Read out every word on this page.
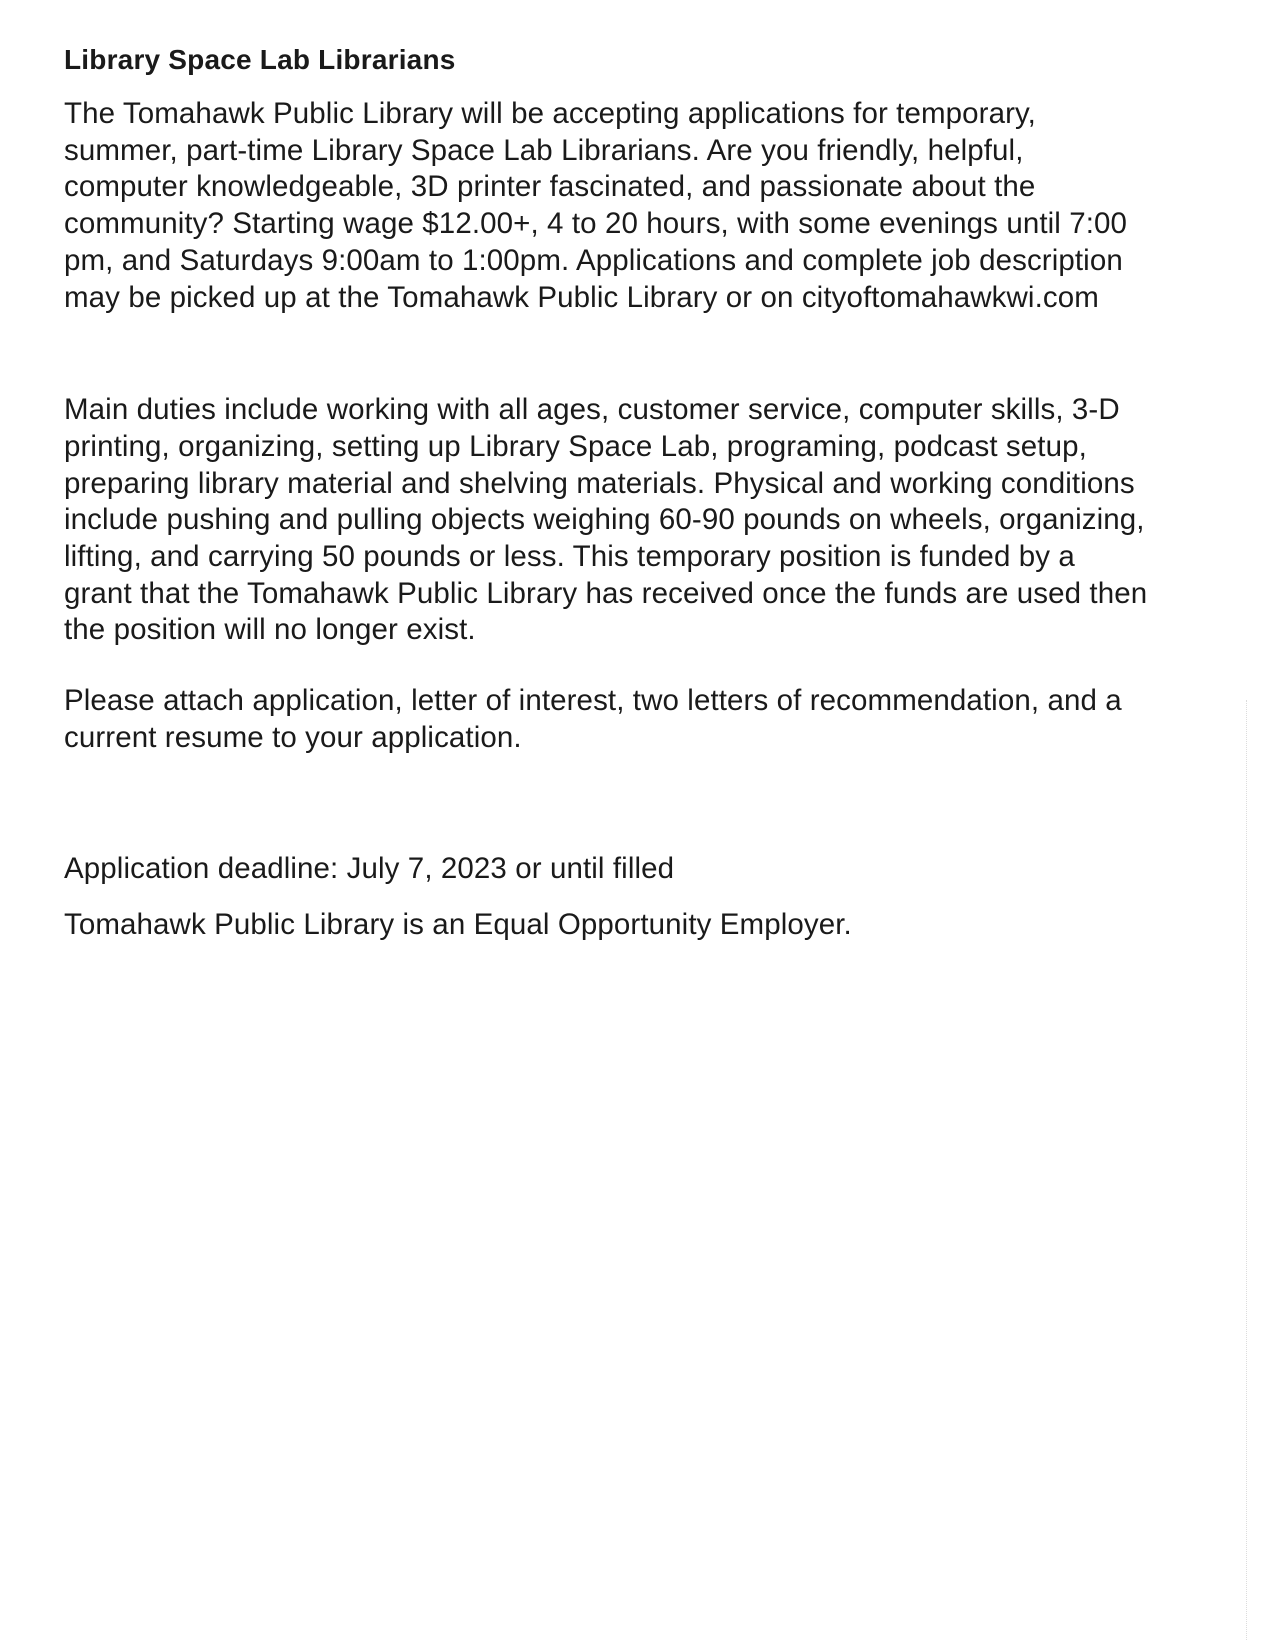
Library Space Lab Librarians

The Tomahawk Public Library will be accepting applications for temporary, summer, part-time Library Space Lab Librarians. Are you friendly, helpful, computer knowledgeable, 3D printer fascinated, and passionate about the community? Starting wage $12.00+, 4 to 20 hours, with some evenings until 7:00 pm, and Saturdays 9:00am to 1:00pm. Applications and complete job description may be picked up at the Tomahawk Public Library or on cityoftomahawkwi.com

Main duties include working with all ages, customer service, computer skills, 3-D printing, organizing, setting up Library Space Lab, programing, podcast setup, preparing library material and shelving materials. Physical and working conditions include pushing and pulling objects weighing 60-90 pounds on wheels, organizing, lifting, and carrying 50 pounds or less. This temporary position is funded by a grant that the Tomahawk Public Library has received once the funds are used then the position will no longer exist.

Please attach application, letter of interest, two letters of recommendation, and a current resume to your application.

Application deadline: July 7, 2023 or until filled

Tomahawk Public Library is an Equal Opportunity Employer.
